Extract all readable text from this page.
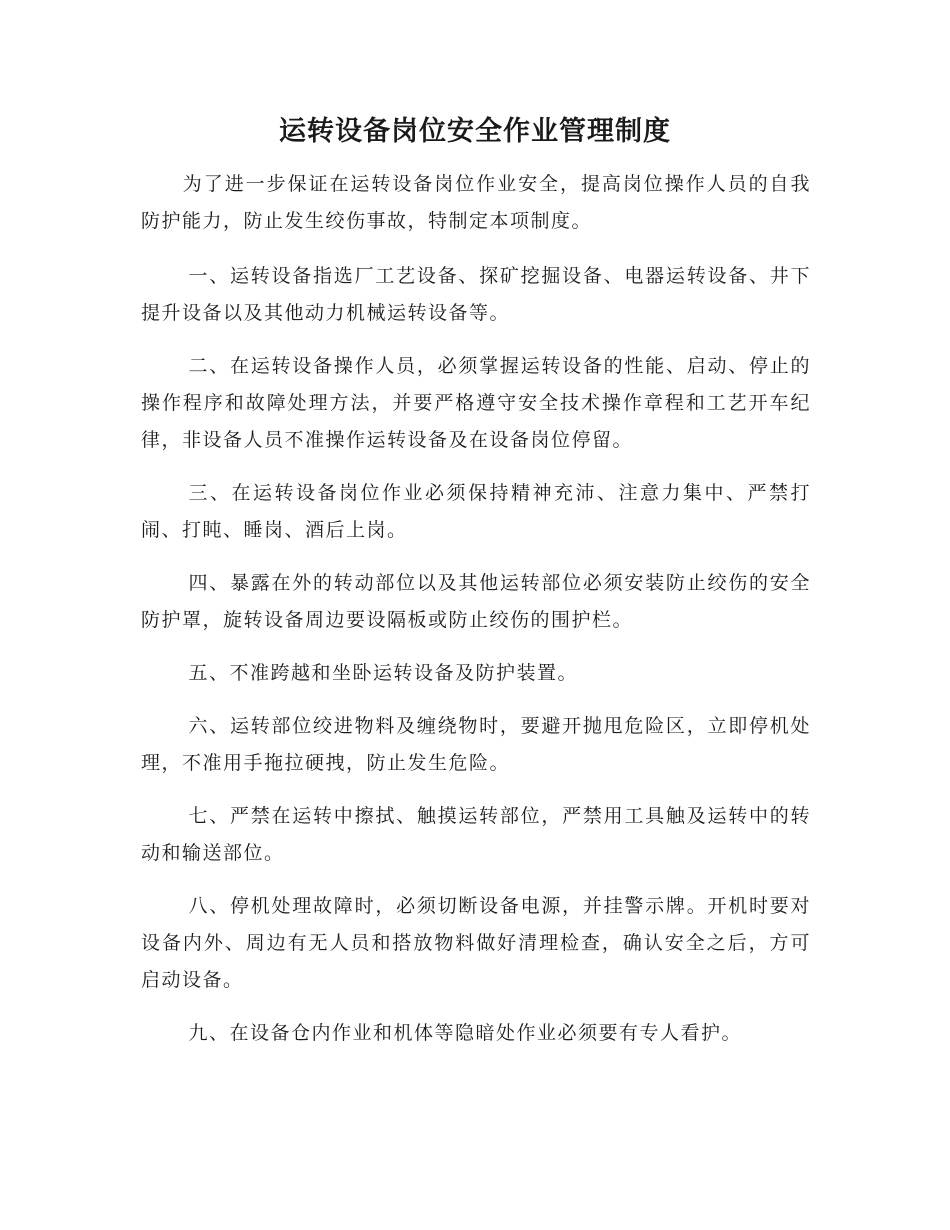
运转设备岗位安全作业管理制度

为了进一步保证在运转设备岗位作业安全，提高岗位操作人员的自我防护能力，防止发生绞伤事故，特制定本项制度。

一、运转设备指选厂工艺设备、探矿挖掘设备、电器运转设备、井下提升设备以及其他动力机械运转设备等。

二、在运转设备操作人员，必须掌握运转设备的性能、启动、停止的操作程序和故障处理方法，并要严格遵守安全技术操作章程和工艺开车纪律，非设备人员不准操作运转设备及在设备岗位停留。

三、在运转设备岗位作业必须保持精神充沛、注意力集中、严禁打闹、打盹、睡岗、酒后上岗。

四、暴露在外的转动部位以及其他运转部位必须安装防止绞伤的安全防护罩，旋转设备周边要设隔板或防止绞伤的围护栏。

五、不准跨越和坐卧运转设备及防护装置。

六、运转部位绞进物料及缠绕物时，要避开抛甩危险区，立即停机处理，不准用手拖拉硬拽，防止发生危险。

七、严禁在运转中擦拭、触摸运转部位，严禁用工具触及运转中的转动和输送部位。

八、停机处理故障时，必须切断设备电源，并挂警示牌。开机时要对设备内外、周边有无人员和搭放物料做好清理检查，确认安全之后，方可启动设备。

九、在设备仓内作业和机体等隐暗处作业必须要有专人看护。
